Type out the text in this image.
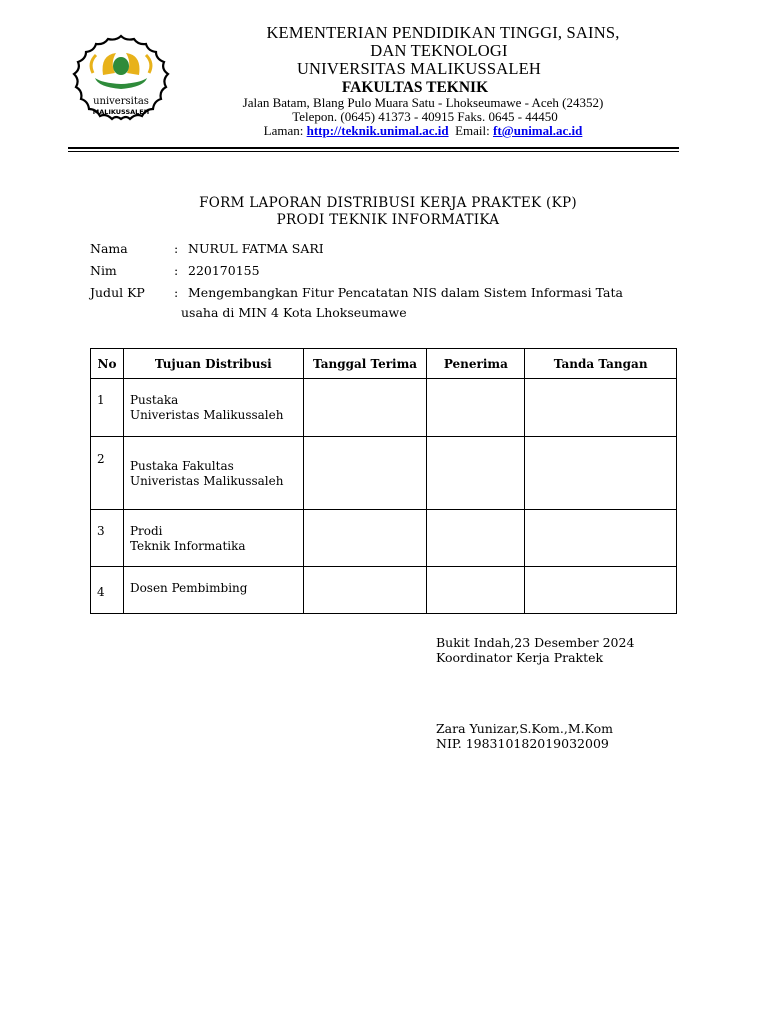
universitas
MALIKUSSALEH
KEMENTERIAN PENDIDIKAN TINGGI, SAINS,
DAN TEKNOLOGI
UNIVERSITAS MALIKUSSALEH
FAKULTAS TEKNIK
Jalan Batam, Blang Pulo Muara Satu - Lhokseumawe - Aceh (24352)
Telepon. (0645) 41373 - 40915 Faks. 0645 - 44450
Laman: http://teknik.unimal.ac.id Email: ft@unimal.ac.id
FORM LAPORAN DISTRIBUSI KERJA PRAKTEK (KP)
PRODI TEKNIK INFORMATIKA
Nama	: NURUL FATMA SARI
Nim	: 220170155
Judul KP : Mengembangkan Fitur Pencatatan NIS dalam Sistem Informasi Tata
usaha di MIN 4 Kota Lhokseumawe
No	Tujuan Distribusi	Tanggal Terima	Penerima	Tanda Tangan
1	Pustaka
Univeristas Malikussaleh			

2	Pustaka Fakultas
Univeristas Malikussaleh			

3	Prodi
Teknik Informatika			

4	Dosen Pembimbing			

Bukit Indah,23 Desember 2024
Koordinator Kerja Praktek
Zara Yunizar,S.Kom.,M.Kom
NIP. 198310182019032009
